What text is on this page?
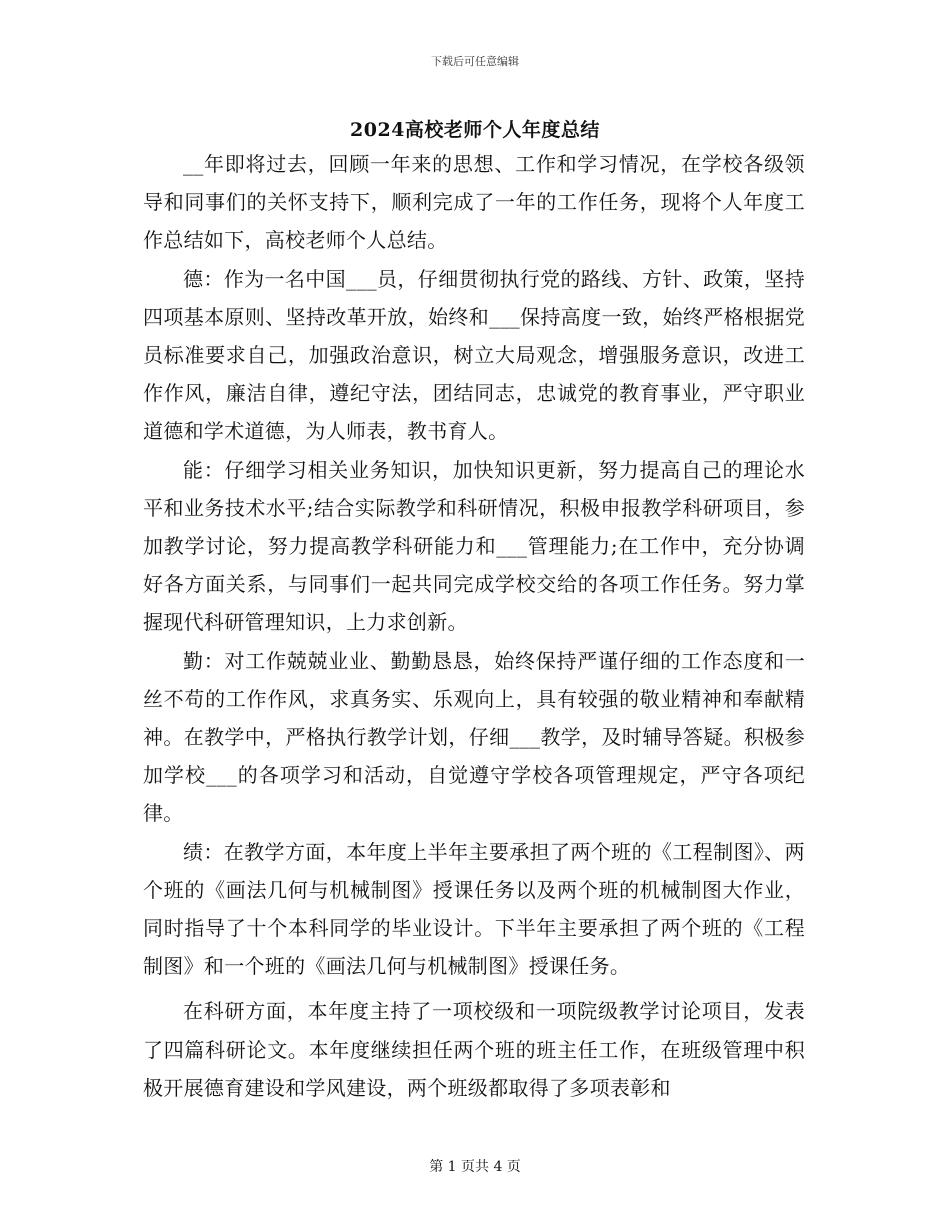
下载后可任意编辑
2024高校老师个人年度总结

__年即将过去，回顾一年来的思想、工作和学习情况，在学校各级领导和同事们的关怀支持下，顺利完成了一年的工作任务，现将个人年度工作总结如下，高校老师个人总结。

德：作为一名中国___员，仔细贯彻执行党的路线、方针、政策，坚持四项基本原则、坚持改革开放，始终和___保持高度一致，始终严格根据党员标准要求自己，加强政治意识，树立大局观念，增强服务意识，改进工作作风，廉洁自律，遵纪守法，团结同志，忠诚党的教育事业，严守职业道德和学术道德，为人师表，教书育人。

能：仔细学习相关业务知识，加快知识更新，努力提高自己的理论水平和业务技术水平;结合实际教学和科研情况，积极申报教学科研项目，参加教学讨论，努力提高教学科研能力和___管理能力;在工作中，充分协调好各方面关系，与同事们一起共同完成学校交给的各项工作任务。努力掌握现代科研管理知识，上力求创新。

勤：对工作兢兢业业、勤勤恳恳，始终保持严谨仔细的工作态度和一丝不苟的工作作风，求真务实、乐观向上，具有较强的敬业精神和奉献精神。在教学中，严格执行教学计划，仔细___教学，及时辅导答疑。积极参加学校___的各项学习和活动，自觉遵守学校各项管理规定，严守各项纪律。

绩：在教学方面，本年度上半年主要承担了两个班的《工程制图》、两个班的《画法几何与机械制图》授课任务以及两个班的机械制图大作业，同时指导了十个本科同学的毕业设计。下半年主要承担了两个班的《工程制图》和一个班的《画法几何与机械制图》授课任务。

在科研方面，本年度主持了一项校级和一项院级教学讨论项目，发表了四篇科研论文。本年度继续担任两个班的班主任工作，在班级管理中积极开展德育建设和学风建设，两个班级都取得了多项表彰和

第 1 页共 4 页
